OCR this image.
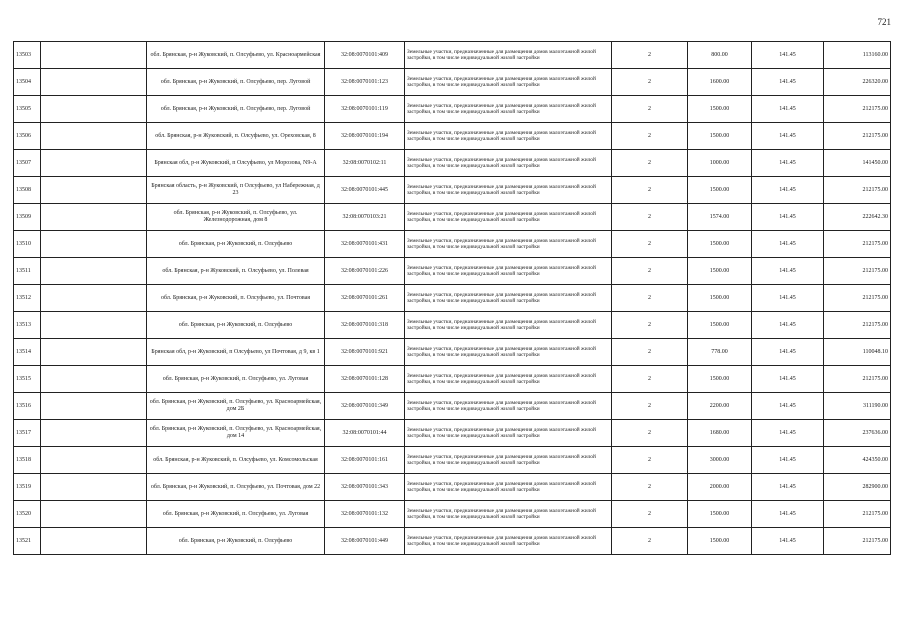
721
13503		обл. Брянская, р-н Жуковский, п. Олсуфьево, ул. Красноармейская	32:08:0070101:409	Земельные участки, предназначенные для размещения домов малоэтажной жилой застройки, в том числе индивидуальной жилой застройки	2	800.00	141.45	113160.00
13504		обл. Брянская, р-н Жуковский, п. Олсуфьево, пер. Луговой	32:08:0070101:123	Земельные участки, предназначенные для размещения домов малоэтажной жилой застройки, в том числе индивидуальной жилой застройки	2	1600.00	141.45	226320.00
13505		обл. Брянская, р-н Жуковский, п. Олсуфьево, пер. Луговой	32:08:0070101:119	Земельные участки, предназначенные для размещения домов малоэтажной жилой застройки, в том числе индивидуальной жилой застройки	2	1500.00	141.45	212175.00
13506		обл. Брянская, р-н Жуковский, п. Олсуфьево, ул. Ореховская, 8	32:08:0070101:194	Земельные участки, предназначенные для размещения домов малоэтажной жилой застройки, в том числе индивидуальной жилой застройки	2	1500.00	141.45	212175.00
13507		Брянская обл, р-н Жуковский, п Олсуфьево, ул Морозова, N9-А	32:08:0070102:11	Земельные участки, предназначенные для размещения домов малоэтажной жилой застройки, в том числе индивидуальной жилой застройки	2	1000.00	141.45	141450.00
13508		Брянская область, р-н Жуковский, п Олсуфьево, ул Набережная, д 23	32:08:0070101:445	Земельные участки, предназначенные для размещения домов малоэтажной жилой застройки, в том числе индивидуальной жилой застройки	2	1500.00	141.45	212175.00
13509		обл. Брянская, р-н Жуковский, п. Олсуфьево, ул. Железнодорожная, дом 8	32:08:0070103:21	Земельные участки, предназначенные для размещения домов малоэтажной жилой застройки, в том числе индивидуальной жилой застройки	2	1574.00	141.45	222642.30
13510		обл. Брянская, р-н Жуковский, п. Олсуфьево	32:08:0070101:431	Земельные участки, предназначенные для размещения домов малоэтажной жилой застройки, в том числе индивидуальной жилой застройки	2	1500.00	141.45	212175.00
13511		обл. Брянская, р-н Жуковский, п. Олсуфьево, ул. Полевая	32:08:0070101:226	Земельные участки, предназначенные для размещения домов малоэтажной жилой застройки, в том числе индивидуальной жилой застройки	2	1500.00	141.45	212175.00
13512		обл. Брянская, р-н Жуковский, п. Олсуфьево, ул. Почтовая	32:08:0070101:261	Земельные участки, предназначенные для размещения домов малоэтажной жилой застройки, в том числе индивидуальной жилой застройки	2	1500.00	141.45	212175.00
13513		обл. Брянская, р-н Жуковский, п. Олсуфьево	32:08:0070101:318	Земельные участки, предназначенные для размещения домов малоэтажной жилой застройки, в том числе индивидуальной жилой застройки	2	1500.00	141.45	212175.00
13514		Брянская обл, р-н Жуковский, п Олсуфьево, ул Почтовая, д 9, кв 1	32:08:0070101:921	Земельные участки, предназначенные для размещения домов малоэтажной жилой застройки, в том числе индивидуальной жилой застройки	2	778.00	141.45	110048.10
13515		обл. Брянская, р-н Жуковский, п. Олсуфьево, ул. Луговая	32:08:0070101:128	Земельные участки, предназначенные для размещения домов малоэтажной жилой застройки, в том числе индивидуальной жилой застройки	2	1500.00	141.45	212175.00
13516		обл. Брянская, р-н Жуковский, п. Олсуфьево, ул. Красноармейская, дом 2Б	32:08:0070101:349	Земельные участки, предназначенные для размещения домов малоэтажной жилой застройки, в том числе индивидуальной жилой застройки	2	2200.00	141.45	311190.00
13517		обл. Брянская, р-н Жуковский, п. Олсуфьево, ул. Красноармейская, дом 14	32:08:0070101:44	Земельные участки, предназначенные для размещения домов малоэтажной жилой застройки, в том числе индивидуальной жилой застройки	2	1680.00	141.45	237636.00
13518		обл. Брянская, р-н Жуковский, п. Олсуфьево, ул. Комсомольская	32:08:0070101:161	Земельные участки, предназначенные для размещения домов малоэтажной жилой застройки, в том числе индивидуальной жилой застройки	2	3000.00	141.45	424350.00
13519		обл. Брянская, р-н Жуковский, п. Олсуфьево, ул. Почтовая, дом 22	32:08:0070101:343	Земельные участки, предназначенные для размещения домов малоэтажной жилой застройки, в том числе индивидуальной жилой застройки	2	2000.00	141.45	282900.00
13520		обл. Брянская, р-н Жуковский, п. Олсуфьево, ул. Луговая	32:08:0070101:132	Земельные участки, предназначенные для размещения домов малоэтажной жилой застройки, в том числе индивидуальной жилой застройки	2	1500.00	141.45	212175.00
13521		обл. Брянская, р-н Жуковский, п. Олсуфьево	32:08:0070101:449	Земельные участки, предназначенные для размещения домов малоэтажной жилой застройки, в том числе индивидуальной жилой застройки	2	1500.00	141.45	212175.00
